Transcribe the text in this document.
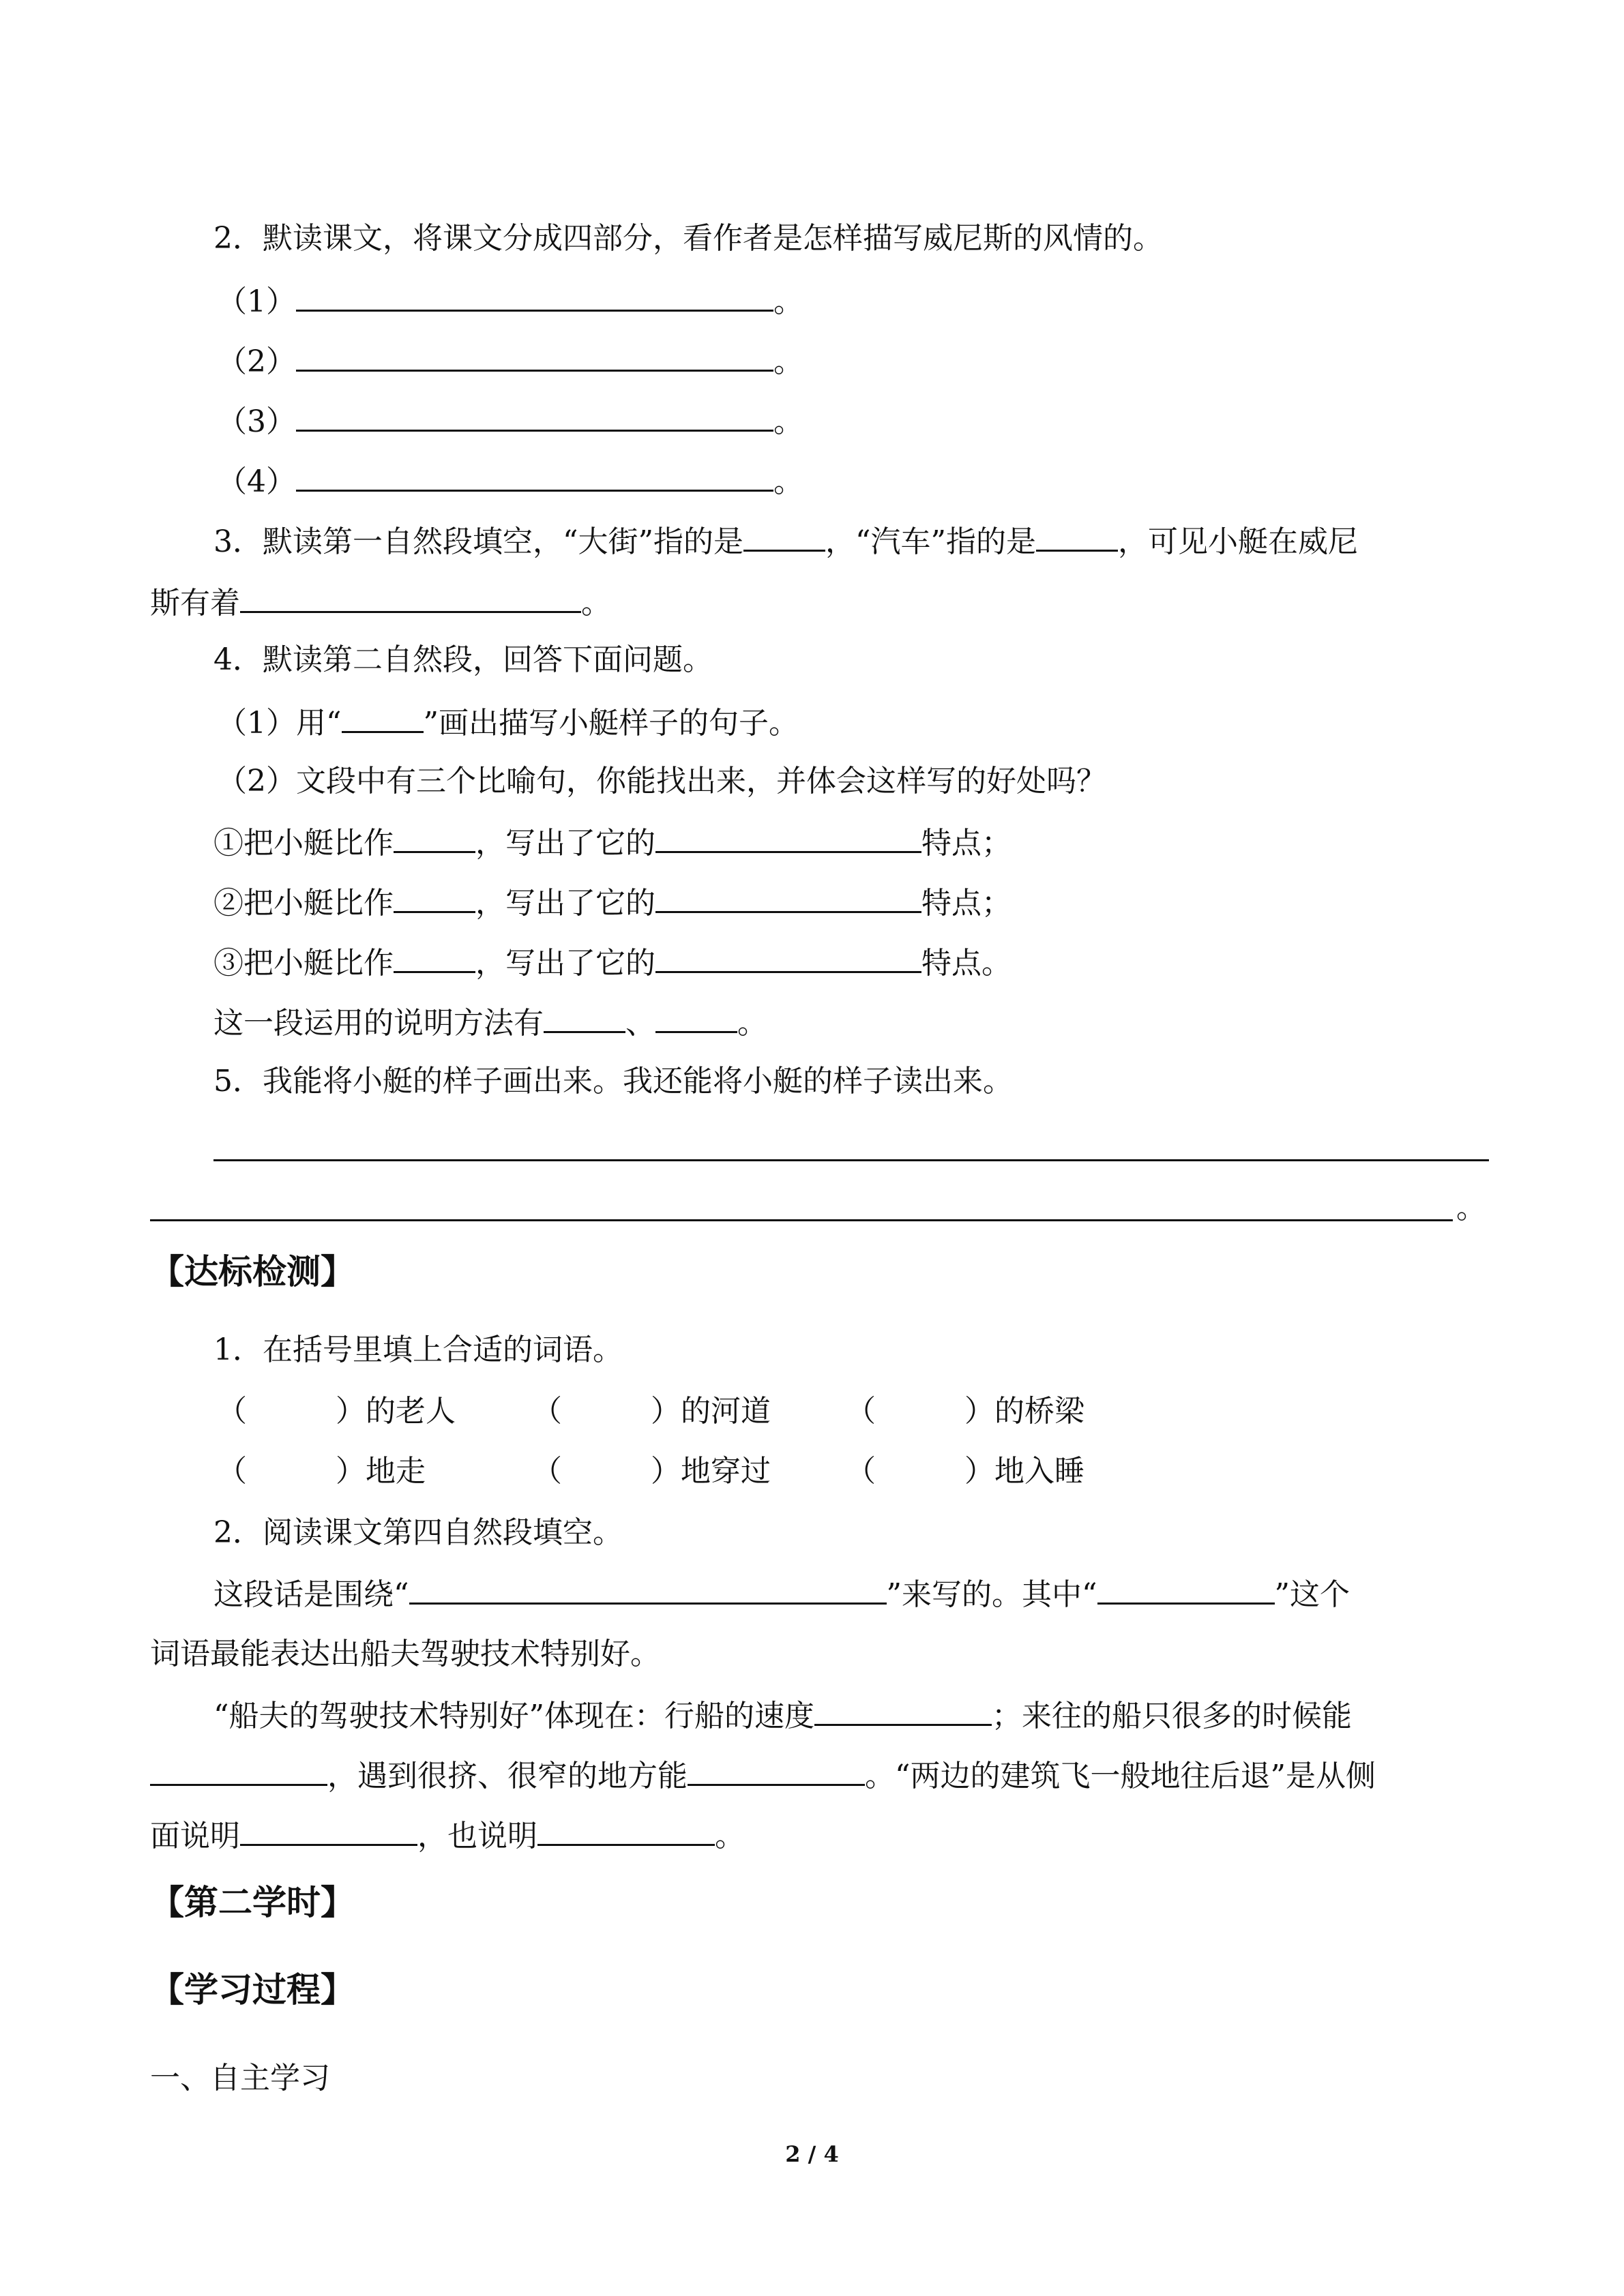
2．默读课文，将课文分成四部分，看作者是怎样描写威尼斯的风情的。
（1）	。
（2）	。
（3）	。
（4）	。
3．默读第一自然段填空，“大街”指的是	，“汽车”指的是	，可见小艇在威尼
斯有着	。
4．默读第二自然段，回答下面问题。
（1）用“	”画出描写小艇样子的句子。
（2）文段中有三个比喻句，你能找出来，并体会这样写的好处吗？
①把小艇比作	，写出了它的	特点；
②把小艇比作	，写出了它的	特点；
③把小艇比作	，写出了它的	特点。
这一段运用的说明方法有	、	。
5．我能将小艇的样子画出来。我还能将小艇的样子读出来。
。
【达标检测】
1．在括号里填上合适的词语。
（	）的老人	（	）的河道	（	）的桥梁
（	）地走	（	）地穿过	（	）地入睡
2．阅读课文第四自然段填空。
这段话是围绕“	”来写的。其中“	”这个
词语最能表达出船夫驾驶技术特别好。
“船夫的驾驶技术特别好”体现在：行船的速度	；来往的船只很多的时候能
，遇到很挤、很窄的地方能	。“两边的建筑飞一般地往后退”是从侧
面说明	，也说明	。
【第二学时】
【学习过程】
一、自主学习
2 / 4
